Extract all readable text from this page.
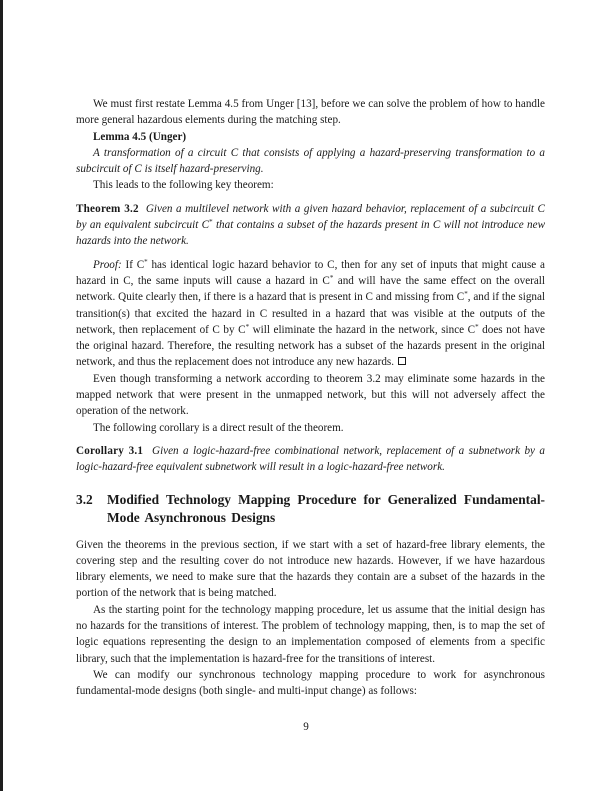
We must first restate Lemma 4.5 from Unger [13], before we can solve the problem of how to handle more general hazardous elements during the matching step.

Lemma 4.5 (Unger)

A transformation of a circuit C that consists of applying a hazard-preserving transformation to a subcircuit of C is itself hazard-preserving.

This leads to the following key theorem:

Theorem 3.2 Given a multilevel network with a given hazard behavior, replacement of a subcircuit C by an equivalent subcircuit C* that contains a subset of the hazards present in C will not introduce new hazards into the network.

Proof: If C* has identical logic hazard behavior to C, then for any set of inputs that might cause a hazard in C, the same inputs will cause a hazard in C* and will have the same effect on the overall network. Quite clearly then, if there is a hazard that is present in C and missing from C*, and if the signal transition(s) that excited the hazard in C resulted in a hazard that was visible at the outputs of the network, then replacement of C by C* will eliminate the hazard in the network, since C* does not have the original hazard. Therefore, the resulting network has a subset of the hazards present in the original network, and thus the replacement does not introduce any new hazards.

Even though transforming a network according to theorem 3.2 may eliminate some hazards in the mapped network that were present in the unmapped network, but this will not adversely affect the operation of the network.

The following corollary is a direct result of the theorem.

Corollary 3.1 Given a logic-hazard-free combinational network, replacement of a subnetwork by a logic-hazard-free equivalent subnetwork will result in a logic-hazard-free network.

3.2	Modified Technology Mapping Procedure for Generalized Fundamental-Mode Asynchronous Designs

Given the theorems in the previous section, if we start with a set of hazard-free library elements, the covering step and the resulting cover do not introduce new hazards. However, if we have hazardous library elements, we need to make sure that the hazards they contain are a subset of the hazards in the portion of the network that is being matched.

As the starting point for the technology mapping procedure, let us assume that the initial design has no hazards for the transitions of interest. The problem of technology mapping, then, is to map the set of logic equations representing the design to an implementation composed of elements from a specific library, such that the implementation is hazard-free for the transitions of interest.

We can modify our synchronous technology mapping procedure to work for asynchronous fundamental-mode designs (both single- and multi-input change) as follows:

9
